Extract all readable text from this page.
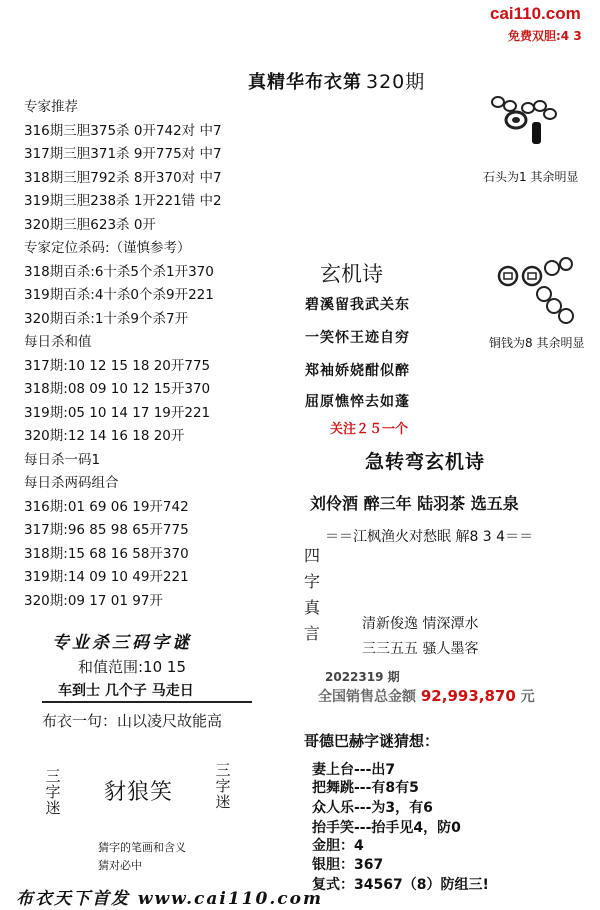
cai110.com
免费双胆:4 3
真精华布衣第 320期
专家推荐
316期三胆375杀 0开742对 中7
317期三胆371杀 9开775对 中7
318期三胆792杀 8开370对 中7
319期三胆238杀 1开221错 中2
320期三胆623杀 0开
专家定位杀码:（谨慎参考）
318期百杀:6十杀5个杀1开370
319期百杀:4十杀0个杀9开221
320期百杀:1十杀9个杀7开
每日杀和值
317期:10 12 15 18 20开775
318期:08 09 10 12 15开370
319期:05 10 14 17 19开221
320期:12 14 16 18 20开
每日杀一码1
每日杀两码组合
316期:01 69 06 19开742
317期:96 85 98 65开775
318期:15 68 16 58开370
319期:14 09 10 49开221
320期:09 17 01 97开
专业杀三码字谜
和值范围:10 15
车到士 几个子 马走日
布衣一句：山以凌尺故能高
三
字
迷
豺狼笑
三
字
迷
猜字的笔画和含义
猜对必中
布衣天下首发 www.cai110.com
石头为1 其余明显
铜钱为8 其余明显
玄机诗
碧溪留我武关东
一笑怀王迹自穷
郑袖娇娆酣似醉
屈原憔悴去如蓬
关注２５一个
急转弯玄机诗
刘伶酒 醉三年 陆羽茶 选五泉
＝＝江枫渔火对愁眠 解8 3 4＝＝
四
字
真
言	清新俊逸 情深潭水
三三五五 骚人墨客
2022319 期
全国销售总金额 92,993,870 元
哥德巴赫字谜猜想：
妻上台---出7
把舞跳---有8有5
众人乐---为3，有6
抬手笑---抬手见4，防0
金胆：4
银胆：367
复式：34567（8）防组三!
